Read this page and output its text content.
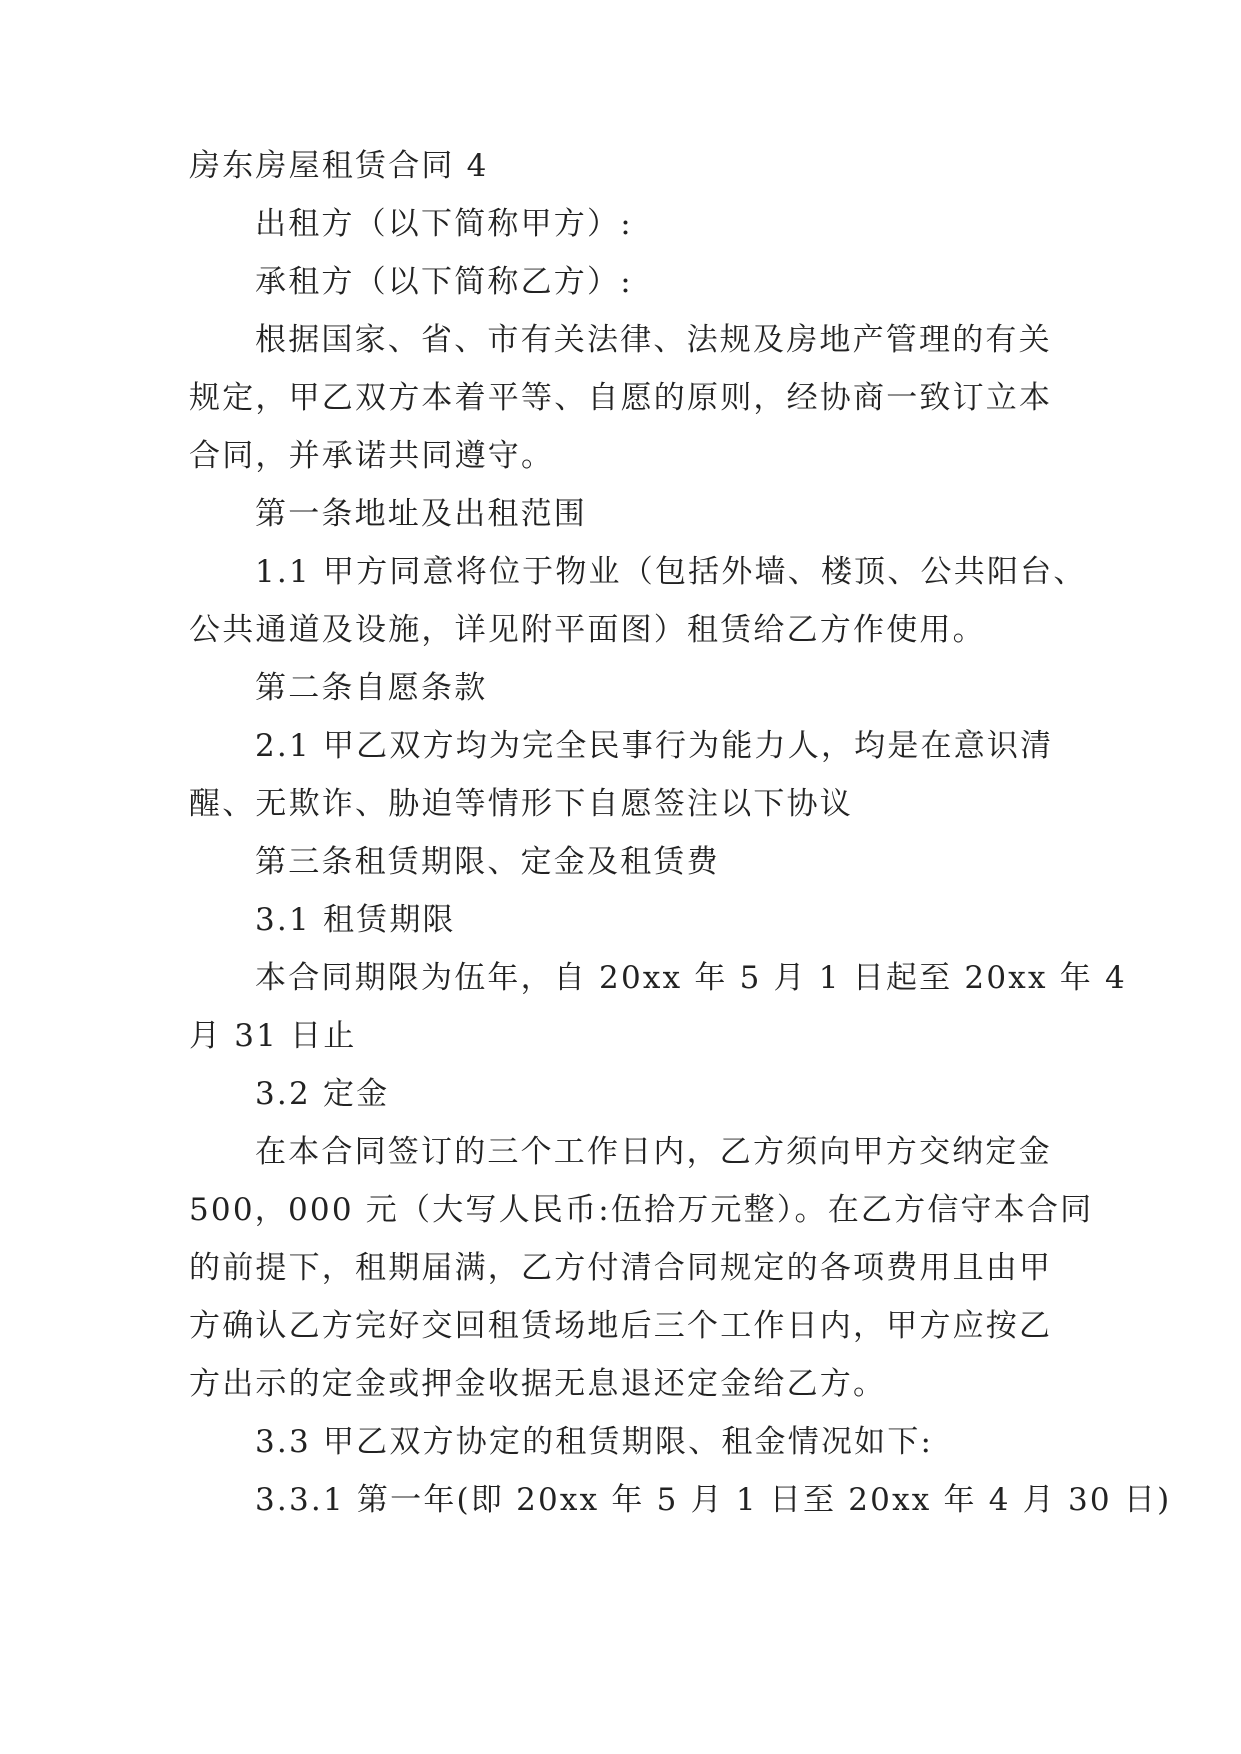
房东房屋租赁合同 4
出租方（以下简称甲方）:
承租方（以下简称乙方）:
根据国家、省、市有关法律、法规及房地产管理的有关
规定，甲乙双方本着平等、自愿的原则，经协商一致订立本
合同，并承诺共同遵守。
第一条地址及出租范围
1.1 甲方同意将位于物业（包括外墙、楼顶、公共阳台、
公共通道及设施，详见附平面图）租赁给乙方作使用。
第二条自愿条款
2.1 甲乙双方均为完全民事行为能力人，均是在意识清
醒、无欺诈、胁迫等情形下自愿签注以下协议
第三条租赁期限、定金及租赁费
3.1 租赁期限
本合同期限为伍年，自 20xx 年 5 月 1 日起至 20xx 年 4
月 31 日止
3.2 定金
在本合同签订的三个工作日内，乙方须向甲方交纳定金
500，000 元（大写人民币:伍拾万元整）。在乙方信守本合同
的前提下，租期届满，乙方付清合同规定的各项费用且由甲
方确认乙方完好交回租赁场地后三个工作日内，甲方应按乙
方出示的定金或押金收据无息退还定金给乙方。
3.3 甲乙双方协定的租赁期限、租金情况如下:
3.3.1 第一年(即 20xx 年 5 月 1 日至 20xx 年 4 月 30 日)
